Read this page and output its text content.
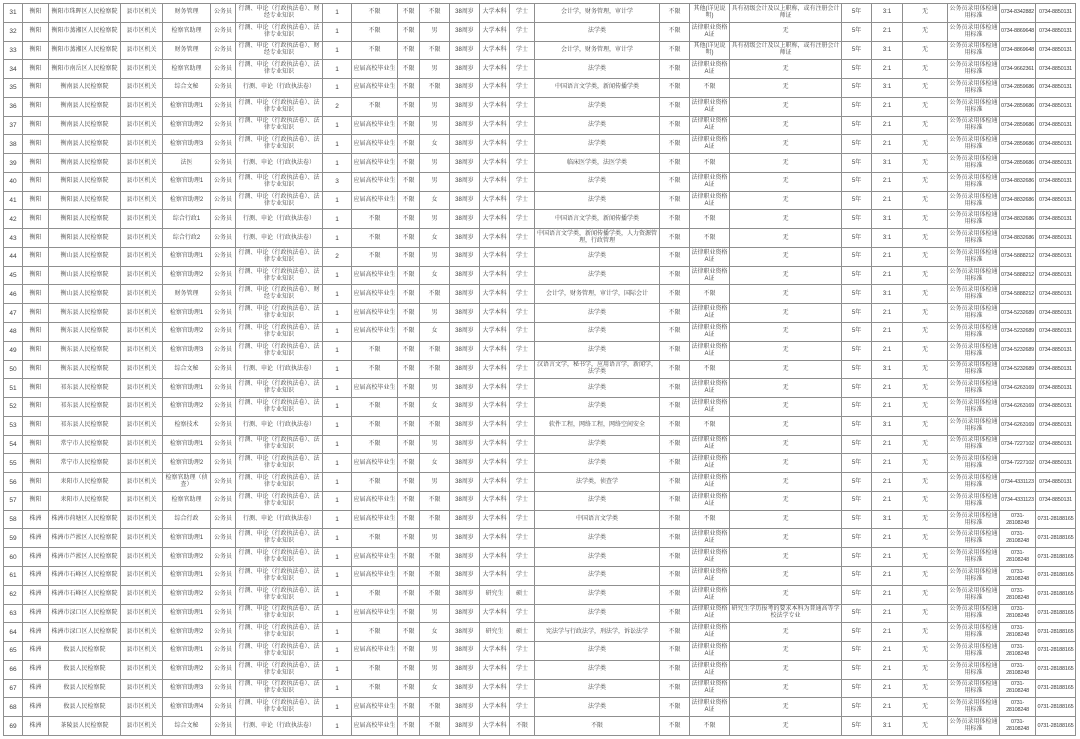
31	衡阳	衡阳市珠晖区人民检察院	县市区机关	财务管理	公务员	行测、申论（行政执法卷）、财经专业知识	1	不限	不限	不限	38周岁	大学本科	学士	会计学，财务管理，审计学	不限	其他(详见说明)	具有初级会计及以上职称，或有注册会计师证	5年	3:1	无	公务员录用体检通用标准	0734-8342882	0734-8850131
32	衡阳	衡阳市蒸湘区人民检察院	县市区机关	检察官助理	公务员	行测、申论（行政执法卷）、法律专业知识	1	不限	不限	男	38周岁	大学本科	学士	法学类	不限	法律职业资格A证	无	5年	2:1	无	公务员录用体检通用标准	0734-8869648	0734-8850131
33	衡阳	衡阳市蒸湘区人民检察院	县市区机关	财务管理	公务员	行测、申论（行政执法卷）、财经专业知识	1	不限	不限	不限	38周岁	大学本科	学士	会计学，财务管理，审计学	不限	其他(详见说明)	具有初级会计及以上职称，或有注册会计师证	5年	3:1	无	公务员录用体检通用标准	0734-8869648	0734-8850131
34	衡阳	衡阳市南岳区人民检察院	县市区机关	检察官助理	公务员	行测、申论（行政执法卷）、法律专业知识	1	应届高校毕业生	不限	男	38周岁	大学本科	学士	法学类	不限	法律职业资格A证	无	5年	2:1	无	公务员录用体检通用标准	0734-9662361	0734-8850131
35	衡阳	衡南县人民检察院	县市区机关	综合文秘	公务员	行测、申论（行政执法卷）	1	应届高校毕业生	不限	不限	38周岁	大学本科	学士	中国语言文学类，新闻传播学类	不限	不限	无	5年	3:1	无	公务员录用体检通用标准	0734-2859686	0734-8850131
36	衡阳	衡南县人民检察院	县市区机关	检察官助理1	公务员	行测、申论（行政执法卷）、法律专业知识	2	不限	不限	男	38周岁	大学本科	学士	法学类	不限	法律职业资格A证	无	5年	2:1	无	公务员录用体检通用标准	0734-2859686	0734-8850131
37	衡阳	衡南县人民检察院	县市区机关	检察官助理2	公务员	行测、申论（行政执法卷）、法律专业知识	1	应届高校毕业生	不限	男	38周岁	大学本科	学士	法学类	不限	法律职业资格A证	无	5年	2:1	无	公务员录用体检通用标准	0734-2859686	0734-8850131
38	衡阳	衡南县人民检察院	县市区机关	检察官助理3	公务员	行测、申论（行政执法卷）、法律专业知识	1	应届高校毕业生	不限	女	38周岁	大学本科	学士	法学类	不限	法律职业资格A证	无	5年	2:1	无	公务员录用体检通用标准	0734-2859686	0734-8850131
39	衡阳	衡南县人民检察院	县市区机关	法医	公务员	行测、申论（行政执法卷）	1	应届高校毕业生	不限	男	38周岁	大学本科	学士	临床医学类，法医学类	不限	不限	无	5年	3:1	无	公务员录用体检通用标准	0734-2859686	0734-8850131
40	衡阳	衡阳县人民检察院	县市区机关	检察官助理1	公务员	行测、申论（行政执法卷）、法律专业知识	3	应届高校毕业生	不限	男	38周岁	大学本科	学士	法学类	不限	法律职业资格A证	无	5年	2:1	无	公务员录用体检通用标准	0734-8832686	0734-8850131
41	衡阳	衡阳县人民检察院	县市区机关	检察官助理2	公务员	行测、申论（行政执法卷）、法律专业知识	1	应届高校毕业生	不限	女	38周岁	大学本科	学士	法学类	不限	法律职业资格A证	无	5年	2:1	无	公务员录用体检通用标准	0734-8832686	0734-8850131
42	衡阳	衡阳县人民检察院	县市区机关	综合行政1	公务员	行测、申论（行政执法卷）	1	不限	不限	男	38周岁	大学本科	学士	中国语言文学类，新闻传播学类	不限	不限	无	5年	3:1	无	公务员录用体检通用标准	0734-8832686	0734-8850131
43	衡阳	衡阳县人民检察院	县市区机关	综合行政2	公务员	行测、申论（行政执法卷）	1	不限	不限	女	38周岁	大学本科	学士	中国语言文学类，新闻传播学类，人力资源管理，行政管理	不限	不限	无	5年	3:1	无	公务员录用体检通用标准	0734-8832686	0734-8850131
44	衡阳	衡山县人民检察院	县市区机关	检察官助理1	公务员	行测、申论（行政执法卷）、法律专业知识	2	不限	不限	男	38周岁	大学本科	学士	法学类	不限	法律职业资格A证	无	5年	2:1	无	公务员录用体检通用标准	0734-5888212	0734-8850131
45	衡阳	衡山县人民检察院	县市区机关	检察官助理2	公务员	行测、申论（行政执法卷）、法律专业知识	1	应届高校毕业生	不限	女	38周岁	大学本科	学士	法学类	不限	法律职业资格A证	无	5年	2:1	无	公务员录用体检通用标准	0734-5888212	0734-8850131
46	衡阳	衡山县人民检察院	县市区机关	财务管理	公务员	行测、申论（行政执法卷）、财经专业知识	1	应届高校毕业生	不限	不限	38周岁	大学本科	学士	会计学，财务管理，审计学，国际会计	不限	不限	无	5年	3:1	无	公务员录用体检通用标准	0734-5888212	0734-8850131
47	衡阳	衡东县人民检察院	县市区机关	检察官助理1	公务员	行测、申论（行政执法卷）、法律专业知识	1	应届高校毕业生	不限	男	38周岁	大学本科	学士	法学类	不限	法律职业资格A证	无	5年	2:1	无	公务员录用体检通用标准	0734-5232689	0734-8850131
48	衡阳	衡东县人民检察院	县市区机关	检察官助理2	公务员	行测、申论（行政执法卷）、法律专业知识	1	应届高校毕业生	不限	女	38周岁	大学本科	学士	法学类	不限	法律职业资格A证	无	5年	2:1	无	公务员录用体检通用标准	0734-5232689	0734-8850131
49	衡阳	衡东县人民检察院	县市区机关	检察官助理3	公务员	行测、申论（行政执法卷）、法律专业知识	1	不限	不限	不限	38周岁	大学本科	学士	法学类	不限	法律职业资格A证	无	5年	2:1	无	公务员录用体检通用标准	0734-5232689	0734-8850131
50	衡阳	衡东县人民检察院	县市区机关	综合文秘	公务员	行测、申论（行政执法卷）	1	不限	不限	不限	38周岁	大学本科	学士	汉语言文学，秘书学，应用语言学，新闻学，法学类	不限	不限	无	5年	3:1	无	公务员录用体检通用标准	0734-5232689	0734-8850131
51	衡阳	祁东县人民检察院	县市区机关	检察官助理1	公务员	行测、申论（行政执法卷）、法律专业知识	1	应届高校毕业生	不限	男	38周岁	大学本科	学士	法学类	不限	法律职业资格A证	无	5年	2:1	无	公务员录用体检通用标准	0734-6263169	0734-8850131
52	衡阳	祁东县人民检察院	县市区机关	检察官助理2	公务员	行测、申论（行政执法卷）、法律专业知识	1	不限	不限	女	38周岁	大学本科	学士	法学类	不限	法律职业资格A证	无	5年	2:1	无	公务员录用体检通用标准	0734-6263169	0734-8850131
53	衡阳	祁东县人民检察院	县市区机关	检察技术	公务员	行测、申论（行政执法卷）	1	不限	不限	不限	38周岁	大学本科	学士	软件工程，网络工程，网络空间安全	不限	不限	无	5年	3:1	无	公务员录用体检通用标准	0734-6263169	0734-8850131
54	衡阳	常宁市人民检察院	县市区机关	检察官助理1	公务员	行测、申论（行政执法卷）、法律专业知识	1	不限	不限	男	38周岁	大学本科	学士	法学类	不限	法律职业资格A证	无	5年	2:1	无	公务员录用体检通用标准	0734-7227102	0734-8850131
55	衡阳	常宁市人民检察院	县市区机关	检察官助理2	公务员	行测、申论（行政执法卷）、法律专业知识	1	应届高校毕业生	不限	女	38周岁	大学本科	学士	法学类	不限	法律职业资格A证	无	5年	2:1	无	公务员录用体检通用标准	0734-7227102	0734-8850131
56	衡阳	耒阳市人民检察院	县市区机关	检察官助理（侦查）	公务员	行测、申论（行政执法卷）、法律专业知识	1	不限	不限	男	38周岁	大学本科	学士	法学类，侦查学	不限	法律职业资格A证	无	5年	2:1	无	公务员录用体检通用标准	0734-4331123	0734-8850131
57	衡阳	耒阳市人民检察院	县市区机关	检察官助理	公务员	行测、申论（行政执法卷）、法律专业知识	1	应届高校毕业生	不限	不限	38周岁	大学本科	学士	法学类	不限	法律职业资格A证	无	5年	2:1	无	公务员录用体检通用标准	0734-4331123	0734-8850131
58	株洲	株洲市荷塘区人民检察院	县市区机关	综合行政	公务员	行测、申论（行政执法卷）	1	应届高校毕业生	不限	不限	38周岁	大学本科	学士	中国语言文学类	不限	不限	无	5年	3:1	无	公务员录用体检通用标准	0731-28108248	0731-28188165
59	株洲	株洲市芦淞区人民检察院	县市区机关	检察官助理1	公务员	行测、申论（行政执法卷）、法律专业知识	1	不限	不限	男	38周岁	大学本科	学士	法学类	不限	法律职业资格A证	无	5年	2:1	无	公务员录用体检通用标准	0731-28108248	0731-28188165
60	株洲	株洲市芦淞区人民检察院	县市区机关	检察官助理2	公务员	行测、申论（行政执法卷）、法律专业知识	1	应届高校毕业生	不限	不限	38周岁	大学本科	学士	法学类	不限	法律职业资格A证	无	5年	2:1	无	公务员录用体检通用标准	0731-28108248	0731-28188165
61	株洲	株洲市石峰区人民检察院	县市区机关	检察官助理1	公务员	行测、申论（行政执法卷）、法律专业知识	1	应届高校毕业生	不限	不限	38周岁	大学本科	学士	法学类	不限	法律职业资格A证	无	5年	2:1	无	公务员录用体检通用标准	0731-28108248	0731-28188165
62	株洲	株洲市石峰区人民检察院	县市区机关	检察官助理2	公务员	行测、申论（行政执法卷）、法律专业知识	1	不限	不限	不限	38周岁	研究生	硕士	法学类	不限	法律职业资格A证	无	5年	2:1	无	公务员录用体检通用标准	0731-28108248	0731-28188165
63	株洲	株洲市渌口区人民检察院	县市区机关	检察官助理1	公务员	行测、申论（行政执法卷）、法律专业知识	1	应届高校毕业生	不限	男	38周岁	大学本科	学士	法学类	不限	法律职业资格A证	研究生学历报考的要求本科为普通高等学校法学专业	5年	2:1	无	公务员录用体检通用标准	0731-28108248	0731-28188165
64	株洲	株洲市渌口区人民检察院	县市区机关	检察官助理2	公务员	行测、申论（行政执法卷）、法律专业知识	1	不限	不限	女	38周岁	研究生	硕士	宪法学与行政法学，刑法学，诉讼法学	不限	法律职业资格A证	无	5年	2:1	无	公务员录用体检通用标准	0731-28108248	0731-28188165
65	株洲	攸县人民检察院	县市区机关	检察官助理1	公务员	行测、申论（行政执法卷）、法律专业知识	1	应届高校毕业生	不限	男	38周岁	大学本科	学士	法学类	不限	法律职业资格A证	无	5年	2:1	无	公务员录用体检通用标准	0731-28108248	0731-28188165
66	株洲	攸县人民检察院	县市区机关	检察官助理2	公务员	行测、申论（行政执法卷）、法律专业知识	1	不限	不限	男	38周岁	大学本科	学士	法学类	不限	法律职业资格A证	无	5年	2:1	无	公务员录用体检通用标准	0731-28108248	0731-28188165
67	株洲	攸县人民检察院	县市区机关	检察官助理3	公务员	行测、申论（行政执法卷）、法律专业知识	1	不限	不限	女	38周岁	大学本科	学士	法学类	不限	法律职业资格A证	无	5年	2:1	无	公务员录用体检通用标准	0731-28108248	0731-28188165
68	株洲	攸县人民检察院	县市区机关	检察官助理4	公务员	行测、申论（行政执法卷）、法律专业知识	1	应届高校毕业生	不限	不限	38周岁	大学本科	学士	法学类	不限	法律职业资格A证	无	5年	2:1	无	公务员录用体检通用标准	0731-28108248	0731-28188165
69	株洲	茶陵县人民检察院	县市区机关	综合文秘	公务员	行测、申论（行政执法卷）	1	应届高校毕业生	不限	不限	38周岁	大学本科	不限	不限	不限	不限	无	5年	3:1	无	公务员录用体检通用标准	0731-28108248	0731-28188165
